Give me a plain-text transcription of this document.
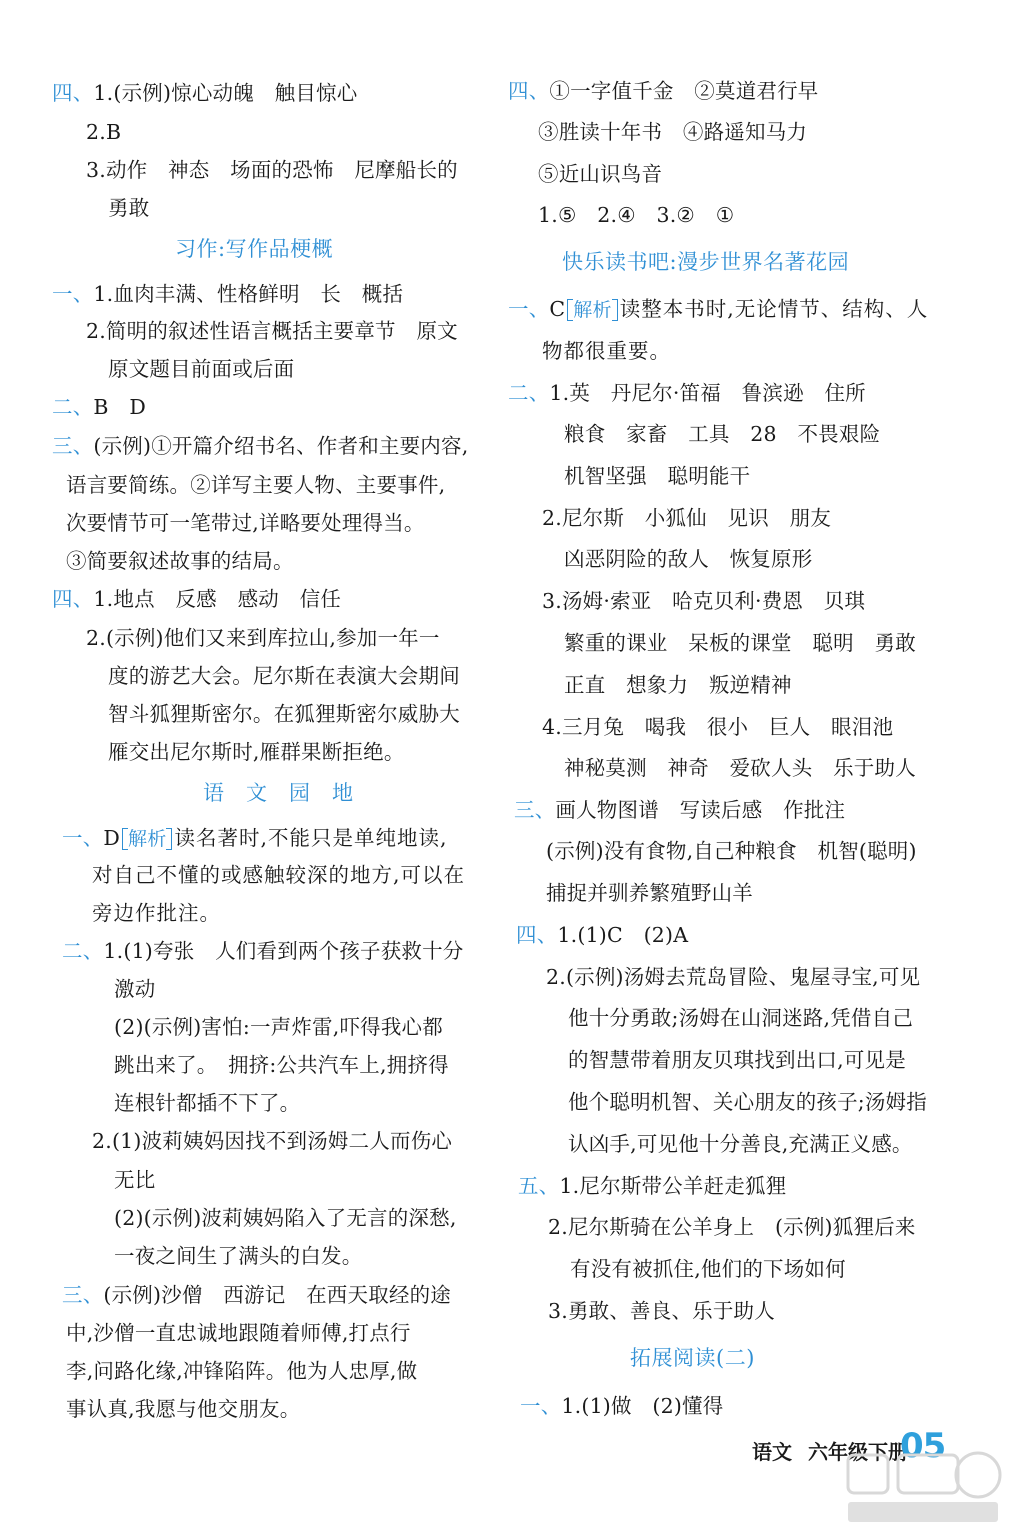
四、1.(示例)惊心动魄　触目惊心
2.B
3.动作　神态　场面的恐怖　尼摩船长的
勇敢
习作:写作品梗概
一、1.血肉丰满、性格鲜明　长　概括
2.简明的叙述性语言概括主要章节　原文
原文题目前面或后面
二、B　D
三、(示例)①开篇介绍书名、作者和主要内容,
语言要简练。②详写主要人物、主要事件,
次要情节可一笔带过,详略要处理得当。
③简要叙述故事的结局。
四、1.地点　反感　感动　信任
2.(示例)他们又来到库拉山,参加一年一
度的游艺大会。尼尔斯在表演大会期间
智斗狐狸斯密尔。在狐狸斯密尔威胁大
雁交出尼尔斯时,雁群果断拒绝。
语　文　园　地
一、D 解析 读名著时,不能只是单纯地读,
对自己不懂的或感触较深的地方,可以在
旁边作批注。
二、1.(1)夸张　人们看到两个孩子获救十分
激动
(2)(示例)害怕:一声炸雷,吓得我心都
跳出来了。　拥挤:公共汽车上,拥挤得
连根针都插不下了。
2.(1)波莉姨妈因找不到汤姆二人而伤心
无比
(2)(示例)波莉姨妈陷入了无言的深愁,
一夜之间生了满头的白发。
三、(示例)沙僧　西游记　在西天取经的途
中,沙僧一直忠诚地跟随着师傅,打点行
李,问路化缘,冲锋陷阵。他为人忠厚,做
事认真,我愿与他交朋友。
四、①一字值千金　②莫道君行早
③胜读十年书　④路遥知马力
⑤近山识鸟音
1.⑤　2.④　3.②　①
快乐读书吧:漫步世界名著花园
一、C 解析 读整本书时,无论情节、结构、人
物都很重要。
二、1.英　丹尼尔·笛福　鲁滨逊　住所
粮食　家畜　工具　28　不畏艰险
机智坚强　聪明能干
2.尼尔斯　小狐仙　见识　朋友
凶恶阴险的敌人　恢复原形
3.汤姆·索亚　哈克贝利·费恩　贝琪
繁重的课业　呆板的课堂　聪明　勇敢
正直　想象力　叛逆精神
4.三月兔　喝我　很小　巨人　眼泪池
神秘莫测　神奇　爱砍人头　乐于助人
三、画人物图谱　写读后感　作批注
(示例)没有食物,自己种粮食　机智(聪明)
捕捉并驯养繁殖野山羊
四、1.(1)C　(2)A
2.(示例)汤姆去荒岛冒险、鬼屋寻宝,可见
他十分勇敢;汤姆在山洞迷路,凭借自己
的智慧带着朋友贝琪找到出口,可见是
他个聪明机智、关心朋友的孩子;汤姆指
认凶手,可见他十分善良,充满正义感。
五、1.尼尔斯带公羊赶走狐狸
2.尼尔斯骑在公羊身上　(示例)狐狸后来
有没有被抓住,他们的下场如何
3.勇敢、善良、乐于助人
拓展阅读(二)
一、1.(1)做　(2)懂得
语文 六年级下册
05
